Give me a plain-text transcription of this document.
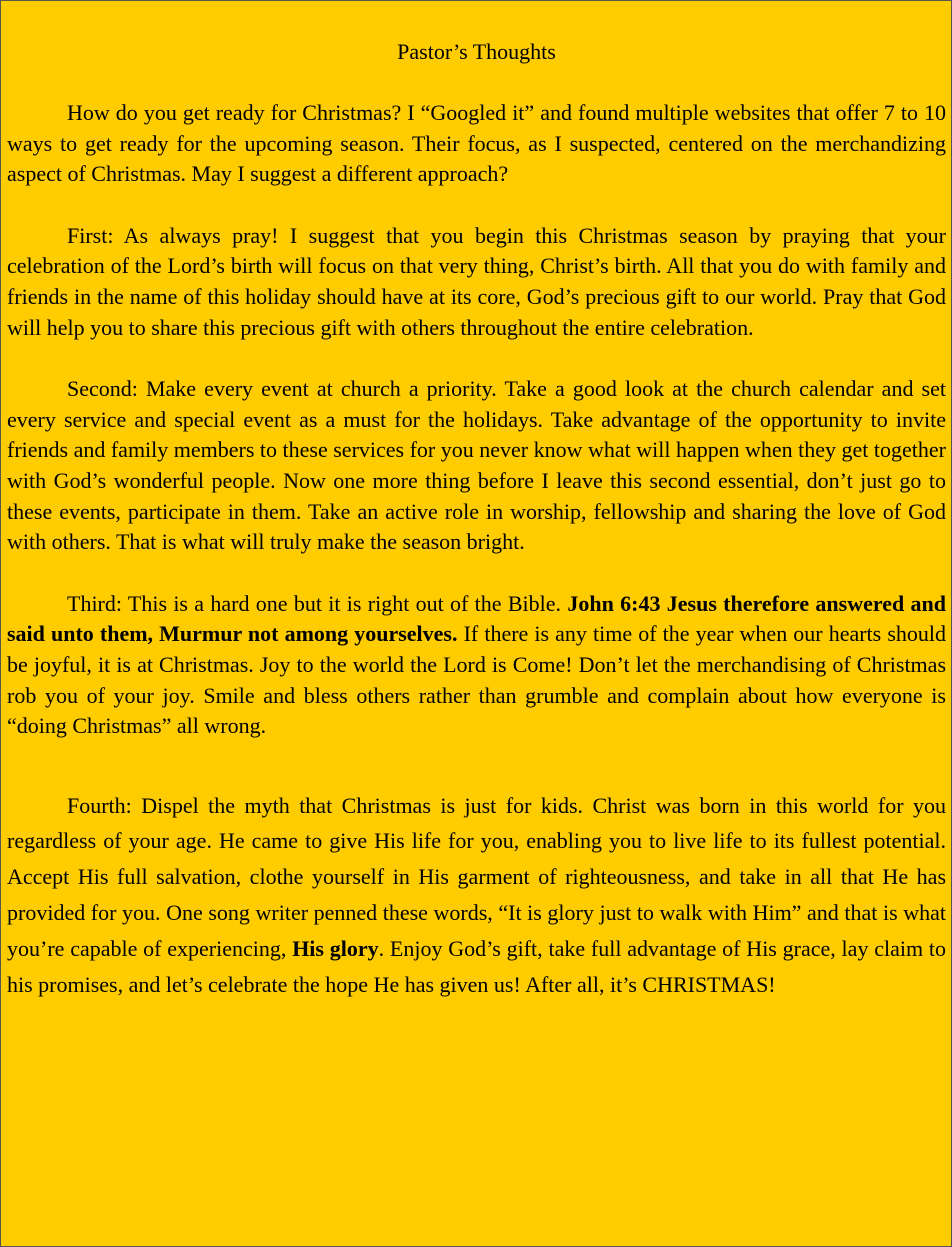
Pastor’s Thoughts

How do you get ready for Christmas? I “Googled it” and found multiple websites that offer 7 to 10 ways to get ready for the upcoming season. Their focus, as I suspected, centered on the merchandizing aspect of Christmas. May I suggest a different approach?

First: As always pray! I suggest that you begin this Christmas season by praying that your celebration of the Lord’s birth will focus on that very thing, Christ’s birth. All that you do with family and friends in the name of this holiday should have at its core, God’s precious gift to our world. Pray that God will help you to share this precious gift with others throughout the entire celebration.

Second: Make every event at church a priority. Take a good look at the church calendar and set every service and special event as a must for the holidays. Take advantage of the opportunity to invite friends and family members to these services for you never know what will happen when they get together with God’s wonderful people. Now one more thing before I leave this second essential, don’t just go to these events, participate in them. Take an active role in worship, fellowship and sharing the love of God with others. That is what will truly make the season bright.

Third: This is a hard one but it is right out of the Bible. John 6:43 Jesus therefore answered and said unto them, Murmur not among yourselves. If there is any time of the year when our hearts should be joyful, it is at Christmas. Joy to the world the Lord is Come! Don’t let the merchandising of Christmas rob you of your joy. Smile and bless others rather than grumble and complain about how everyone is “doing Christmas” all wrong.

Fourth: Dispel the myth that Christmas is just for kids. Christ was born in this world for you regardless of your age. He came to give His life for you, enabling you to live life to its fullest potential. Accept His full salvation, clothe yourself in His garment of righteousness, and take in all that He has provided for you. One song writer penned these words, “It is glory just to walk with Him” and that is what you’re capable of experiencing, His glory. Enjoy God’s gift, take full advantage of His grace, lay claim to his promises, and let’s celebrate the hope He has given us! After all, it’s CHRISTMAS!
